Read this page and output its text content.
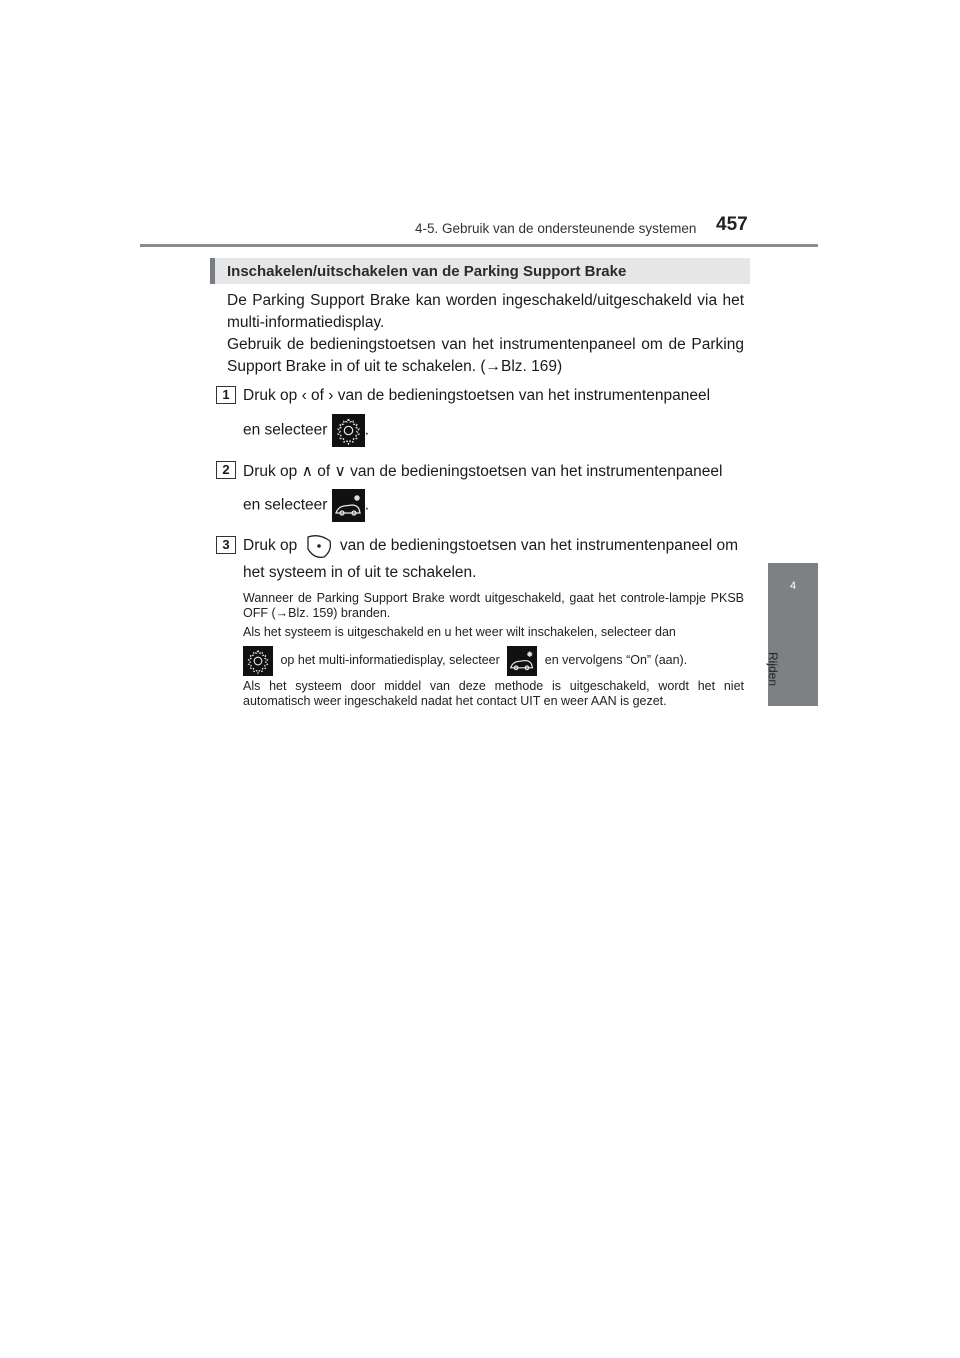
4-5. Gebruik van de ondersteunende systemen 457
4
Rijden
Inschakelen/uitschakelen van de Parking Support Brake
De Parking Support Brake kan worden ingeschakeld/uitgeschakeld via het multi-informatiedisplay.
Gebruik de bedieningstoetsen van het instrumentenpaneel om de Parking Support Brake in of uit te schakelen. (→Blz. 169)
1 Druk op ‹ of › van de bedieningstoetsen van het instrumentenpaneel
en selecteer .
2 Druk op ∧ of ∨ van de bedieningstoetsen van het instrumentenpaneel
en selecteer .
3 Druk op	van de bedieningstoetsen van het instrumentenpaneel om
het systeem in of uit te schakelen.
Wanneer de Parking Support Brake wordt uitgeschakeld, gaat het controle-lampje PKSB OFF (→Blz. 159) branden.
Als het systeem is uitgeschakeld en u het weer wilt inschakelen, selecteer dan
op het multi-informatiedisplay, selecteer	en vervolgens “On” (aan).
Als het systeem door middel van deze methode is uitgeschakeld, wordt het niet automatisch weer ingeschakeld nadat het contact UIT en weer AAN is gezet.
